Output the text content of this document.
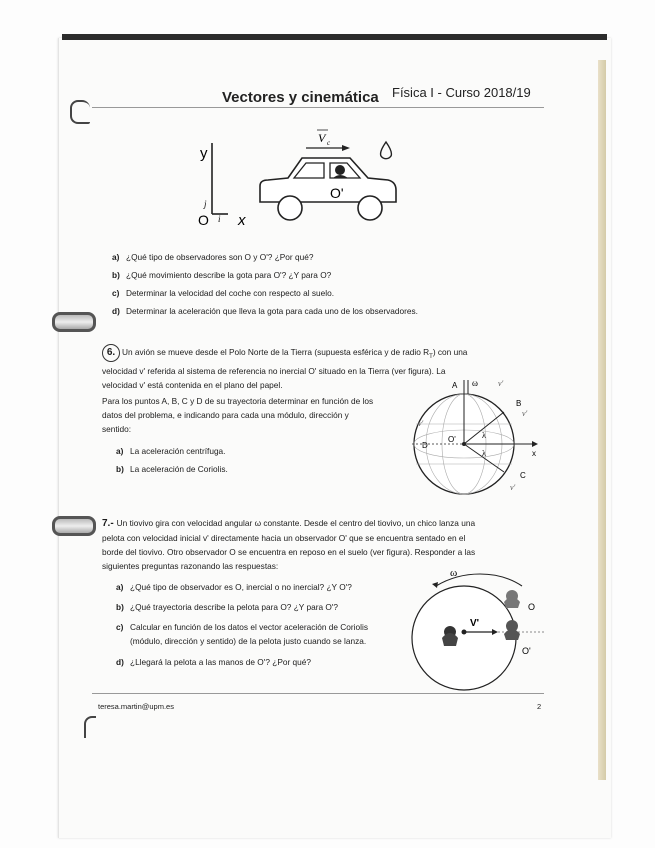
Vectores y cinemática Física I - Curso 2018/19
y
O
j
i x
V c
O'
a) ¿Qué tipo de observadores son O y O'? ¿Por qué?
b) ¿Qué movimiento describe la gota para O'? ¿Y para O?
c) Determinar la velocidad del coche con respecto al suelo.
d) Determinar la aceleración que lleva la gota para cada uno de los observadores.
6. Un avión se mueve desde el Polo Norte de la Tierra (supuesta esférica y de radio $R_T$) con una
velocidad v' referida al sistema de referencia no inercial O' situado en la Tierra (ver figura). La
velocidad v' está contenida en el plano del papel.
Para los puntos A, B, C y D de su trayectoria determinar en función de los
datos del problema, e indicando para cada una módulo, dirección y
sentido:
a) La aceleración centrífuga.
b) La aceleración de Coriolis.
ω	v'
A
B
C
D
O'
x
λ
λ
v'
v'
v'
7.- Un tiovivo gira con velocidad angular ω constante. Desde el centro del tiovivo, un chico lanza una
pelota con velocidad inicial v' directamente hacia un observador O' que se encuentra sentado en el
borde del tiovivo. Otro observador O se encuentra en reposo en el suelo (ver figura). Responder a las
siguientes preguntas razonando las respuestas:
a) ¿Qué tipo de observador es O, inercial o no inercial? ¿Y O'?
b) ¿Qué trayectoria describe la pelota para O? ¿Y para O'?
c) Calcular en función de los datos el vector aceleración de Coriolis
(módulo, dirección y sentido) de la pelota justo cuando se lanza.
d) ¿Llegará la pelota a las manos de O'? ¿Por qué?
ω
V'
O
O'
teresa.martin@upm.es	2
